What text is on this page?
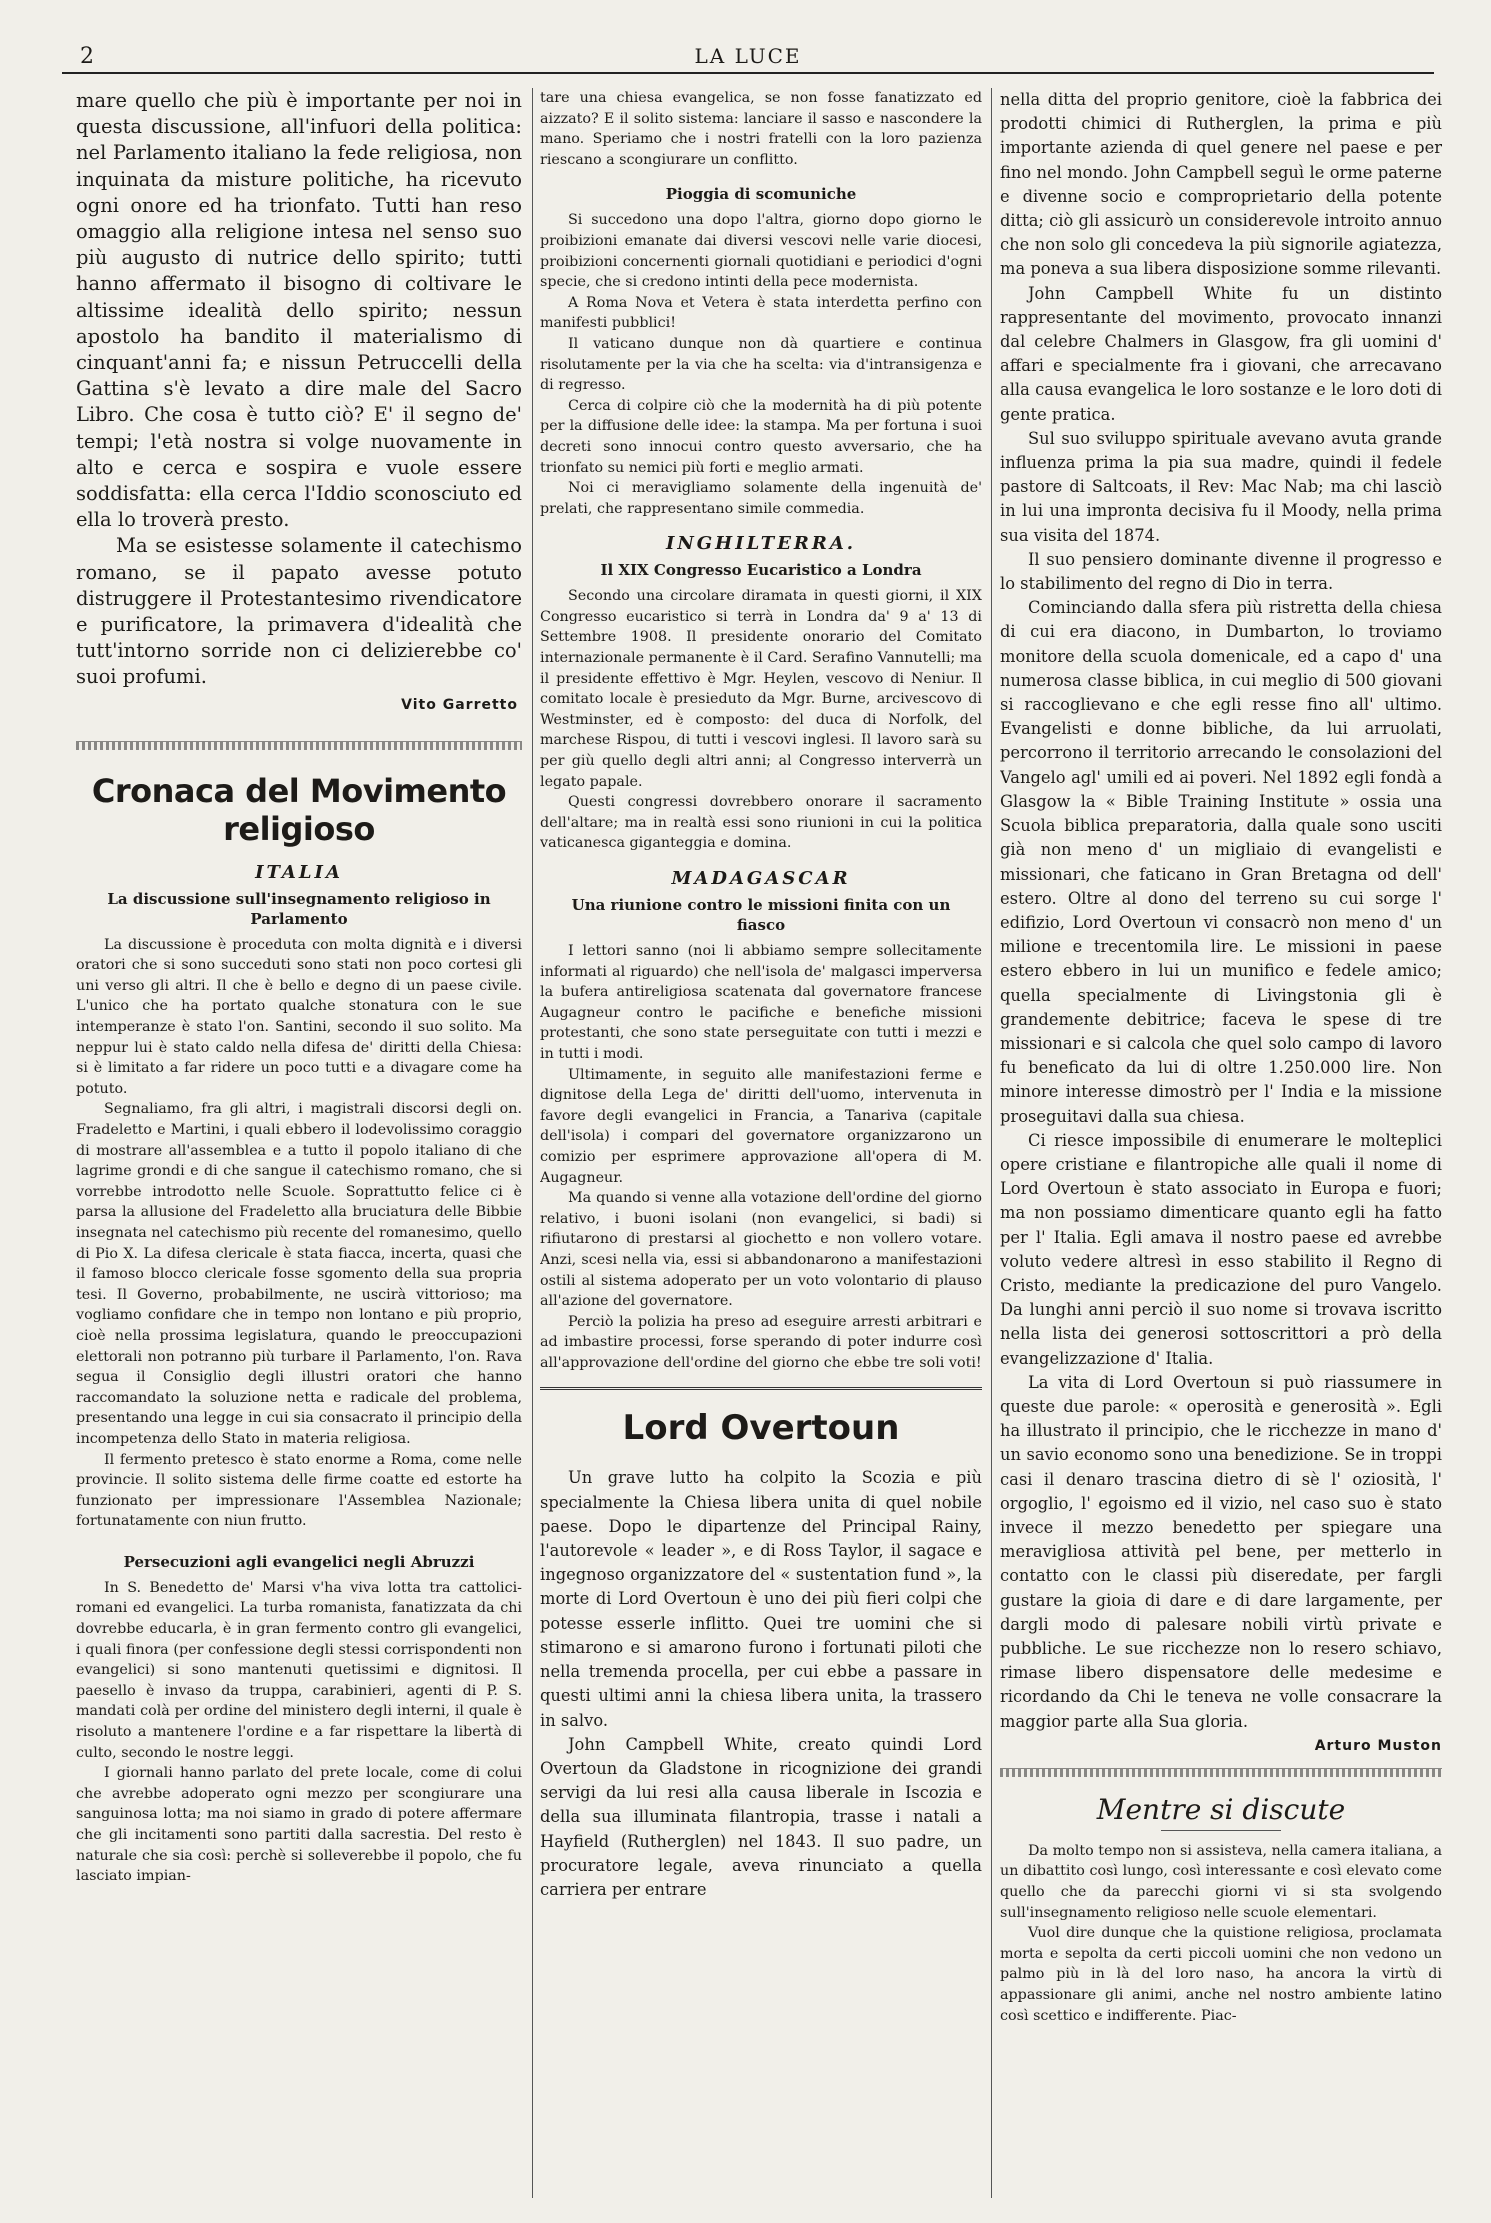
2	LA LUCE

mare quello che più è importante per noi in questa discussione, all'infuori della politica: nel Parlamento italiano la fede religiosa, non inquinata da misture politiche, ha ricevuto ogni onore ed ha trionfato. Tutti han reso omaggio alla religione intesa nel senso suo più augusto di nutrice dello spirito; tutti hanno affermato il bisogno di coltivare le altissime idealità dello spirito; nessun apostolo ha bandito il materialismo di cinquant'anni fa; e nissun Petruccelli della Gattina s'è levato a dire male del Sacro Libro. Che cosa è tutto ciò? E' il segno de' tempi; l'età nostra si volge nuovamente in alto e cerca e sospira e vuole essere soddisfatta: ella cerca l'Iddio sconosciuto ed ella lo troverà presto.

Ma se esistesse solamente il catechismo romano, se il papato avesse potuto distruggere il Protestantesimo rivendicatore e purificatore, la primavera d'idealità che tutt'intorno sorride non ci delizierebbe co' suoi profumi.

Vito Garretto
Cronaca del Movimento religioso
ITALIA
La discussione sull'insegnamento religioso in Parlamento

La discussione è proceduta con molta dignità e i diversi oratori che si sono succeduti sono stati non poco cortesi gli uni verso gli altri. Il che è bello e degno di un paese civile. L'unico che ha portato qualche stonatura con le sue intemperanze è stato l'on. Santini, secondo il suo solito. Ma neppur lui è stato caldo nella difesa de' diritti della Chiesa: si è limitato a far ridere un poco tutti e a divagare come ha potuto.

Segnaliamo, fra gli altri, i magistrali discorsi degli on. Fradeletto e Martini, i quali ebbero il lodevolissimo coraggio di mostrare all'assemblea e a tutto il popolo italiano di che lagrime grondi e di che sangue il catechismo romano, che si vorrebbe introdotto nelle Scuole. Soprattutto felice ci è parsa la allusione del Fradeletto alla bruciatura delle Bibbie insegnata nel catechismo più recente del romanesimo, quello di Pio X. La difesa clericale è stata fiacca, incerta, quasi che il famoso blocco clericale fosse sgomento della sua propria tesi. Il Governo, probabilmente, ne uscirà vittorioso; ma vogliamo confidare che in tempo non lontano e più proprio, cioè nella prossima legislatura, quando le preoccupazioni elettorali non potranno più turbare il Parlamento, l'on. Rava segua il Consiglio degli illustri oratori che hanno raccomandato la soluzione netta e radicale del problema, presentando una legge in cui sia consacrato il principio della incompetenza dello Stato in materia religiosa.

Il fermento pretesco è stato enorme a Roma, come nelle provincie. Il solito sistema delle firme coatte ed estorte ha funzionato per impressionare l'Assemblea Nazionale; fortunatamente con niun frutto.

Persecuzioni agli evangelici negli Abruzzi

In S. Benedetto de' Marsi v'ha viva lotta tra cattolici-romani ed evangelici. La turba romanista, fanatizzata da chi dovrebbe educarla, è in gran fermento contro gli evangelici, i quali finora (per confessione degli stessi corrispondenti non evangelici) si sono mantenuti quetissimi e dignitosi. Il paesello è invaso da truppa, carabinieri, agenti di P. S. mandati colà per ordine del ministero degli interni, il quale è risoluto a mantenere l'ordine e a far rispettare la libertà di culto, secondo le nostre leggi.

I giornali hanno parlato del prete locale, come di colui che avrebbe adoperato ogni mezzo per scongiurare una sanguinosa lotta; ma noi siamo in grado di potere affermare che gli incitamenti sono partiti dalla sacrestia. Del resto è naturale che sia così: perchè si solleverebbe il popolo, che fu lasciato impian-

tare una chiesa evangelica, se non fosse fanatizzato ed aizzato? E il solito sistema: lanciare il sasso e nascondere la mano. Speriamo che i nostri fratelli con la loro pazienza riescano a scongiurare un conflitto.

Pioggia di scomuniche

Si succedono una dopo l'altra, giorno dopo giorno le proibizioni emanate dai diversi vescovi nelle varie diocesi, proibizioni concernenti giornali quotidiani e periodici d'ogni specie, che si credono intinti della pece modernista.

A Roma Nova et Vetera è stata interdetta perfino con manifesti pubblici!

Il vaticano dunque non dà quartiere e continua risolutamente per la via che ha scelta: via d'intransigenza e di regresso.

Cerca di colpire ciò che la modernità ha di più potente per la diffusione delle idee: la stampa. Ma per fortuna i suoi decreti sono innocui contro questo avversario, che ha trionfato su nemici più forti e meglio armati.

Noi ci meravigliamo solamente della ingenuità de' prelati, che rappresentano simile commedia.

INGHILTERRA.
Il XIX Congresso Eucaristico a Londra

Secondo una circolare diramata in questi giorni, il XIX Congresso eucaristico si terrà in Londra da' 9 a' 13 di Settembre 1908. Il presidente onorario del Comitato internazionale permanente è il Card. Serafino Vannutelli; ma il presidente effettivo è Mgr. Heylen, vescovo di Neniur. Il comitato locale è presieduto da Mgr. Burne, arcivescovo di Westminster, ed è composto: del duca di Norfolk, del marchese Rispou, di tutti i vescovi inglesi. Il lavoro sarà su per giù quello degli altri anni; al Congresso interverrà un legato papale.

Questi congressi dovrebbero onorare il sacramento dell'altare; ma in realtà essi sono riunioni in cui la politica vaticanesca giganteggia e domina.

MADAGASCAR
Una riunione contro le missioni finita con un fiasco

I lettori sanno (noi li abbiamo sempre sollecitamente informati al riguardo) che nell'isola de' malgasci imperversa la bufera antireligiosa scatenata dal governatore francese Augagneur contro le pacifiche e benefiche missioni protestanti, che sono state perseguitate con tutti i mezzi e in tutti i modi.

Ultimamente, in seguito alle manifestazioni ferme e dignitose della Lega de' diritti dell'uomo, intervenuta in favore degli evangelici in Francia, a Tanariva (capitale dell'isola) i compari del governatore organizzarono un comizio per esprimere approvazione all'opera di M. Augagneur.

Ma quando si venne alla votazione dell'ordine del giorno relativo, i buoni isolani (non evangelici, si badi) si rifiutarono di prestarsi al giochetto e non vollero votare. Anzi, scesi nella via, essi si abbandonarono a manifestazioni ostili al sistema adoperato per un voto volontario di plauso all'azione del governatore.

Perciò la polizia ha preso ad eseguire arresti arbitrari e ad imbastire processi, forse sperando di poter indurre così all'approvazione dell'ordine del giorno che ebbe tre soli voti!

Lord Overtoun

Un grave lutto ha colpito la Scozia e più specialmente la Chiesa libera unita di quel nobile paese. Dopo le dipartenze del Principal Rainy, l'autorevole « leader », e di Ross Taylor, il sagace e ingegnoso organizzatore del « sustentation fund », la morte di Lord Overtoun è uno dei più fieri colpi che potesse esserle inflitto. Quei tre uomini che si stimarono e si amarono furono i fortunati piloti che nella tremenda procella, per cui ebbe a passare in questi ultimi anni la chiesa libera unita, la trassero in salvo.

John Campbell White, creato quindi Lord Overtoun da Gladstone in ricognizione dei grandi servigi da lui resi alla causa liberale in Iscozia e della sua illuminata filantropia, trasse i natali a Hayfield (Rutherglen) nel 1843. Il suo padre, un procuratore legale, aveva rinunciato a quella carriera per entrare

nella ditta del proprio genitore, cioè la fabbrica dei prodotti chimici di Rutherglen, la prima e più importante azienda di quel genere nel paese e per fino nel mondo. John Campbell seguì le orme paterne e divenne socio e comproprietario della potente ditta; ciò gli assicurò un considerevole introito annuo che non solo gli concedeva la più signorile agiatezza, ma poneva a sua libera disposizione somme rilevanti.

John Campbell White fu un distinto rappresentante del movimento, provocato innanzi dal celebre Chalmers in Glasgow, fra gli uomini d' affari e specialmente fra i giovani, che arrecavano alla causa evangelica le loro sostanze e le loro doti di gente pratica.

Sul suo sviluppo spirituale avevano avuta grande influenza prima la pia sua madre, quindi il fedele pastore di Saltcoats, il Rev: Mac Nab; ma chi lasciò in lui una impronta decisiva fu il Moody, nella prima sua visita del 1874.

Il suo pensiero dominante divenne il progresso e lo stabilimento del regno di Dio in terra.

Cominciando dalla sfera più ristretta della chiesa di cui era diacono, in Dumbarton, lo troviamo monitore della scuola domenicale, ed a capo d' una numerosa classe biblica, in cui meglio di 500 giovani si raccoglievano e che egli resse fino all' ultimo. Evangelisti e donne bibliche, da lui arruolati, percorrono il territorio arrecando le consolazioni del Vangelo agl' umili ed ai poveri. Nel 1892 egli fondà a Glasgow la « Bible Training Institute » ossia una Scuola biblica preparatoria, dalla quale sono usciti già non meno d' un migliaio di evangelisti e missionari, che faticano in Gran Bretagna od dell' estero. Oltre al dono del terreno su cui sorge l' edifizio, Lord Overtoun vi consacrò non meno d' un milione e trecentomila lire. Le missioni in paese estero ebbero in lui un munifico e fedele amico; quella specialmente di Livingstonia gli è grandemente debitrice; faceva le spese di tre missionari e si calcola che quel solo campo di lavoro fu beneficato da lui di oltre 1.250.000 lire. Non minore interesse dimostrò per l' India e la missione proseguitavi dalla sua chiesa.

Ci riesce impossibile di enumerare le molteplici opere cristiane e filantropiche alle quali il nome di Lord Overtoun è stato associato in Europa e fuori; ma non possiamo dimenticare quanto egli ha fatto per l' Italia. Egli amava il nostro paese ed avrebbe voluto vedere altresì in esso stabilito il Regno di Cristo, mediante la predicazione del puro Vangelo. Da lunghi anni perciò il suo nome si trovava iscritto nella lista dei generosi sottoscrittori a prò della evangelizzazione d' Italia.

La vita di Lord Overtoun si può riassumere in queste due parole: « operosità e generosità ». Egli ha illustrato il principio, che le ricchezze in mano d' un savio economo sono una benedizione. Se in troppi casi il denaro trascina dietro di sè l' oziosità, l' orgoglio, l' egoismo ed il vizio, nel caso suo è stato invece il mezzo benedetto per spiegare una meravigliosa attività pel bene, per metterlo in contatto con le classi più diseredate, per fargli gustare la gioia di dare e di dare largamente, per dargli modo di palesare nobili virtù private e pubbliche. Le sue ricchezze non lo resero schiavo, rimase libero dispensatore delle medesime e ricordando da Chi le teneva ne volle consacrare la maggior parte alla Sua gloria.

Arturo Muston
Mentre si discute

Da molto tempo non si assisteva, nella camera italiana, a un dibattito così lungo, così interessante e così elevato come quello che da parecchi giorni vi si sta svolgendo sull'insegnamento religioso nelle scuole elementari.

Vuol dire dunque che la quistione religiosa, proclamata morta e sepolta da certi piccoli uomini che non vedono un palmo più in là del loro naso, ha ancora la virtù di appassionare gli animi, anche nel nostro ambiente latino così scettico e indifferente. Piac-
